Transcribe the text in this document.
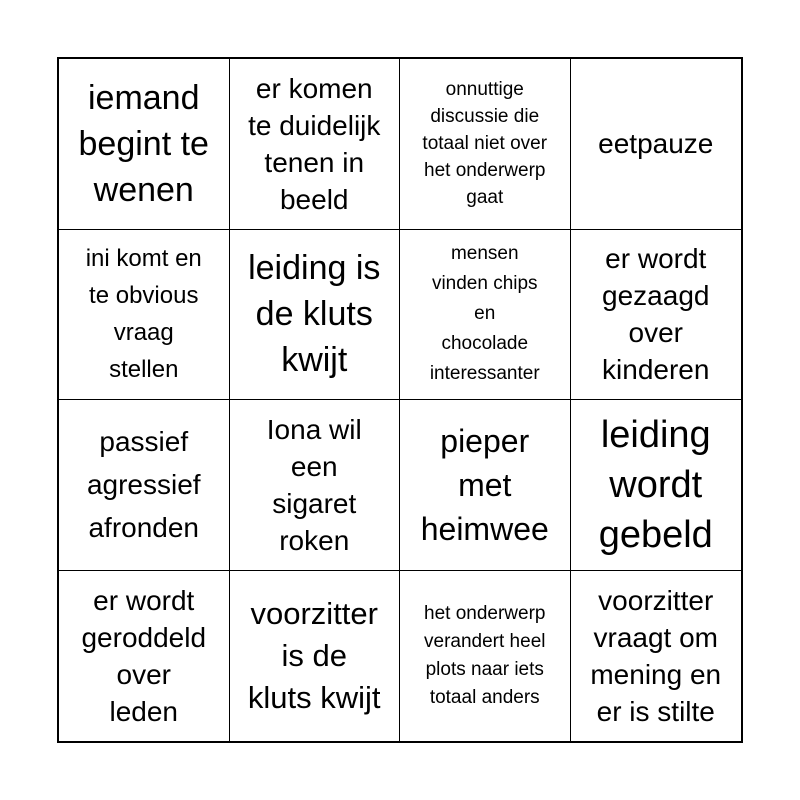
iemand
begint te
wenen
er komen
te duidelijk
tenen in
beeld
onnuttige
discussie die
totaal niet over
het onderwerp
gaat
eetpauze
ini komt en
te obvious
vraag
stellen
leiding is
de kluts
kwijt
mensen
vinden chips
en
chocolade
interessanter
er wordt
gezaagd
over
kinderen
passief
agressief
afronden
Iona wil
een
sigaret
roken
pieper
met
heimwee
leiding
wordt
gebeld
er wordt
geroddeld
over
leden
voorzitter
is de
kluts kwijt
het onderwerp
verandert heel
plots naar iets
totaal anders
voorzitter
vraagt om
mening en
er is stilte
